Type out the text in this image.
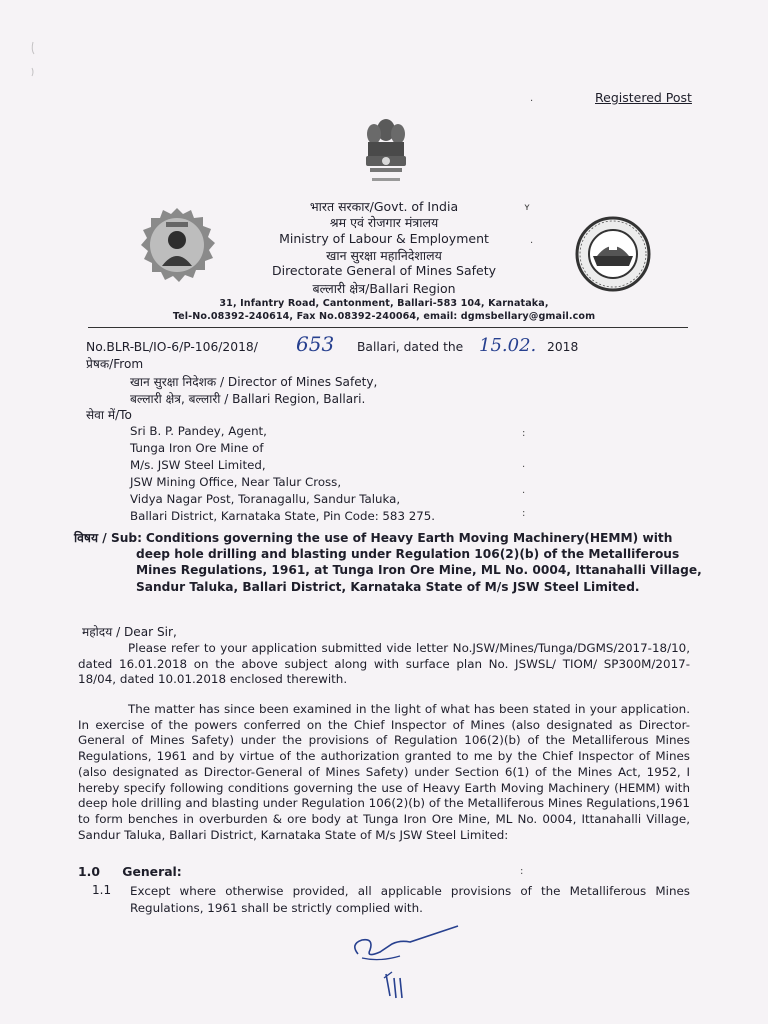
Registered Post
भारत सरकार/Govt. of India
श्रम एवं रोजगार मंत्रालय
Ministry of Labour & Employment
खान सुरक्षा महानिदेशालय
Directorate General of Mines Safety
बल्लारी क्षेत्र/Ballari Region
31, Infantry Road, Cantonment, Ballari-583 104, Karnataka,
Tel-No.08392-240614, Fax No.08392-240064, email: dgmsbellary@gmail.com
No.BLR-BL/IO-6/P-106/2018/ 653 Ballari, dated the 15.02. 2018
प्रेषक/From
खान सुरक्षा निदेशक / Director of Mines Safety,
बल्लारी क्षेत्र, बल्लारी / Ballari Region, Ballari.
सेवा में/To
Sri B. P. Pandey, Agent,
Tunga Iron Ore Mine of
M/s. JSW Steel Limited,
JSW Mining Office, Near Talur Cross,
Vidya Nagar Post, Toranagallu, Sandur Taluka,
Ballari District, Karnataka State, Pin Code: 583 275.
·
ʏ
·
:
·
·
:
:
विषय / Sub: Conditions governing the use of Heavy Earth Moving Machinery(HEMM) with
deep hole drilling and blasting under Regulation 106(2)(b) of the Metalliferous Mines Regulations, 1961, at Tunga Iron Ore Mine, ML No. 0004, Ittanahalli Village, Sandur Taluka, Ballari District, Karnataka State of M/s JSW Steel Limited.
महोदय / Dear Sir,
Please refer to your application submitted vide letter No.JSW/Mines/Tunga/DGMS/2017-18/10, dated 16.01.2018 on the above subject along with surface plan No. JSWSL/ TIOM/ SP300M/2017-18/04, dated 10.01.2018 enclosed therewith.
The matter has since been examined in the light of what has been stated in your application. In exercise of the powers conferred on the Chief Inspector of Mines (also designated as Director-General of Mines Safety) under the provisions of Regulation 106(2)(b) of the Metalliferous Mines Regulations, 1961 and by virtue of the authorization granted to me by the Chief Inspector of Mines (also designated as Director-General of Mines Safety) under Section 6(1) of the Mines Act, 1952, I hereby specify following conditions governing the use of Heavy Earth Moving Machinery (HEMM) with deep hole drilling and blasting under Regulation 106(2)(b) of the Metalliferous Mines Regulations,1961 to form benches in overburden & ore body at Tunga Iron Ore Mine, ML No. 0004, Ittanahalli Village, Sandur Taluka, Ballari District, Karnataka State of M/s JSW Steel Limited:
1.0 General:
1.1 Except where otherwise provided, all applicable provisions of the Metalliferous Mines Regulations, 1961 shall be strictly complied with.
